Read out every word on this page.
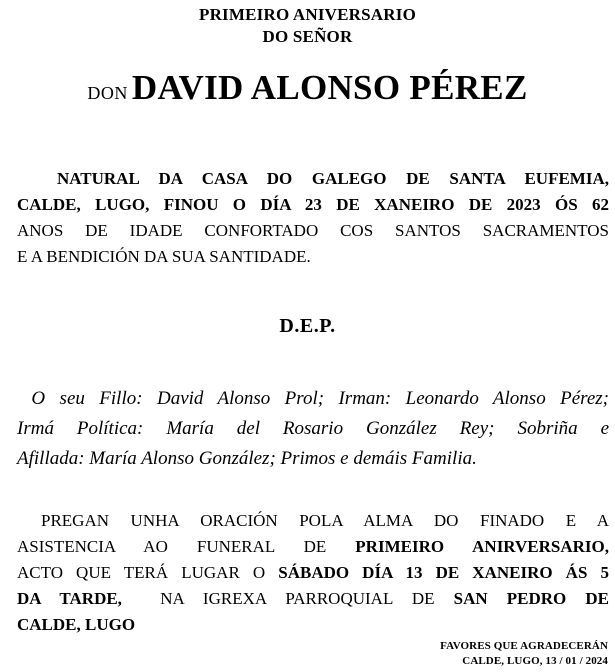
PRIMEIRO ANIVERSARIO
DO SEÑOR
DON DAVID ALONSO PÉREZ
NATURAL DA CASA DO GALEGO DE SANTA EUFEMIA,
CALDE, LUGO, FINOU O DÍA 23 DE XANEIRO DE 2023 ÓS 62
ANOS DE IDADE CONFORTADO COS SANTOS SACRAMENTOS
E A BENDICIÓN DA SUA SANTIDADE.
D.E.P.
O seu Fillo: David Alonso Prol; Irman: Leonardo Alonso Pérez;
Irmá Política: María del Rosario González Rey; Sobriña e
Afillada: María Alonso González; Primos e demáis Familia.
PREGAN UNHA ORACIÓN POLA ALMA DO FINADO E A
ASISTENCIA AO FUNERAL DE PRIMEIRO ANIRVERSARIO,
ACTO QUE TERÁ LUGAR O SÁBADO DÍA 13 DE XANEIRO ÁS 5
DA TARDE,  NA IGREXA PARROQUIAL DE SAN PEDRO DE
CALDE, LUGO
FAVORES QUE AGRADECERÁN
CALDE, LUGO, 13 / 01 / 2024
